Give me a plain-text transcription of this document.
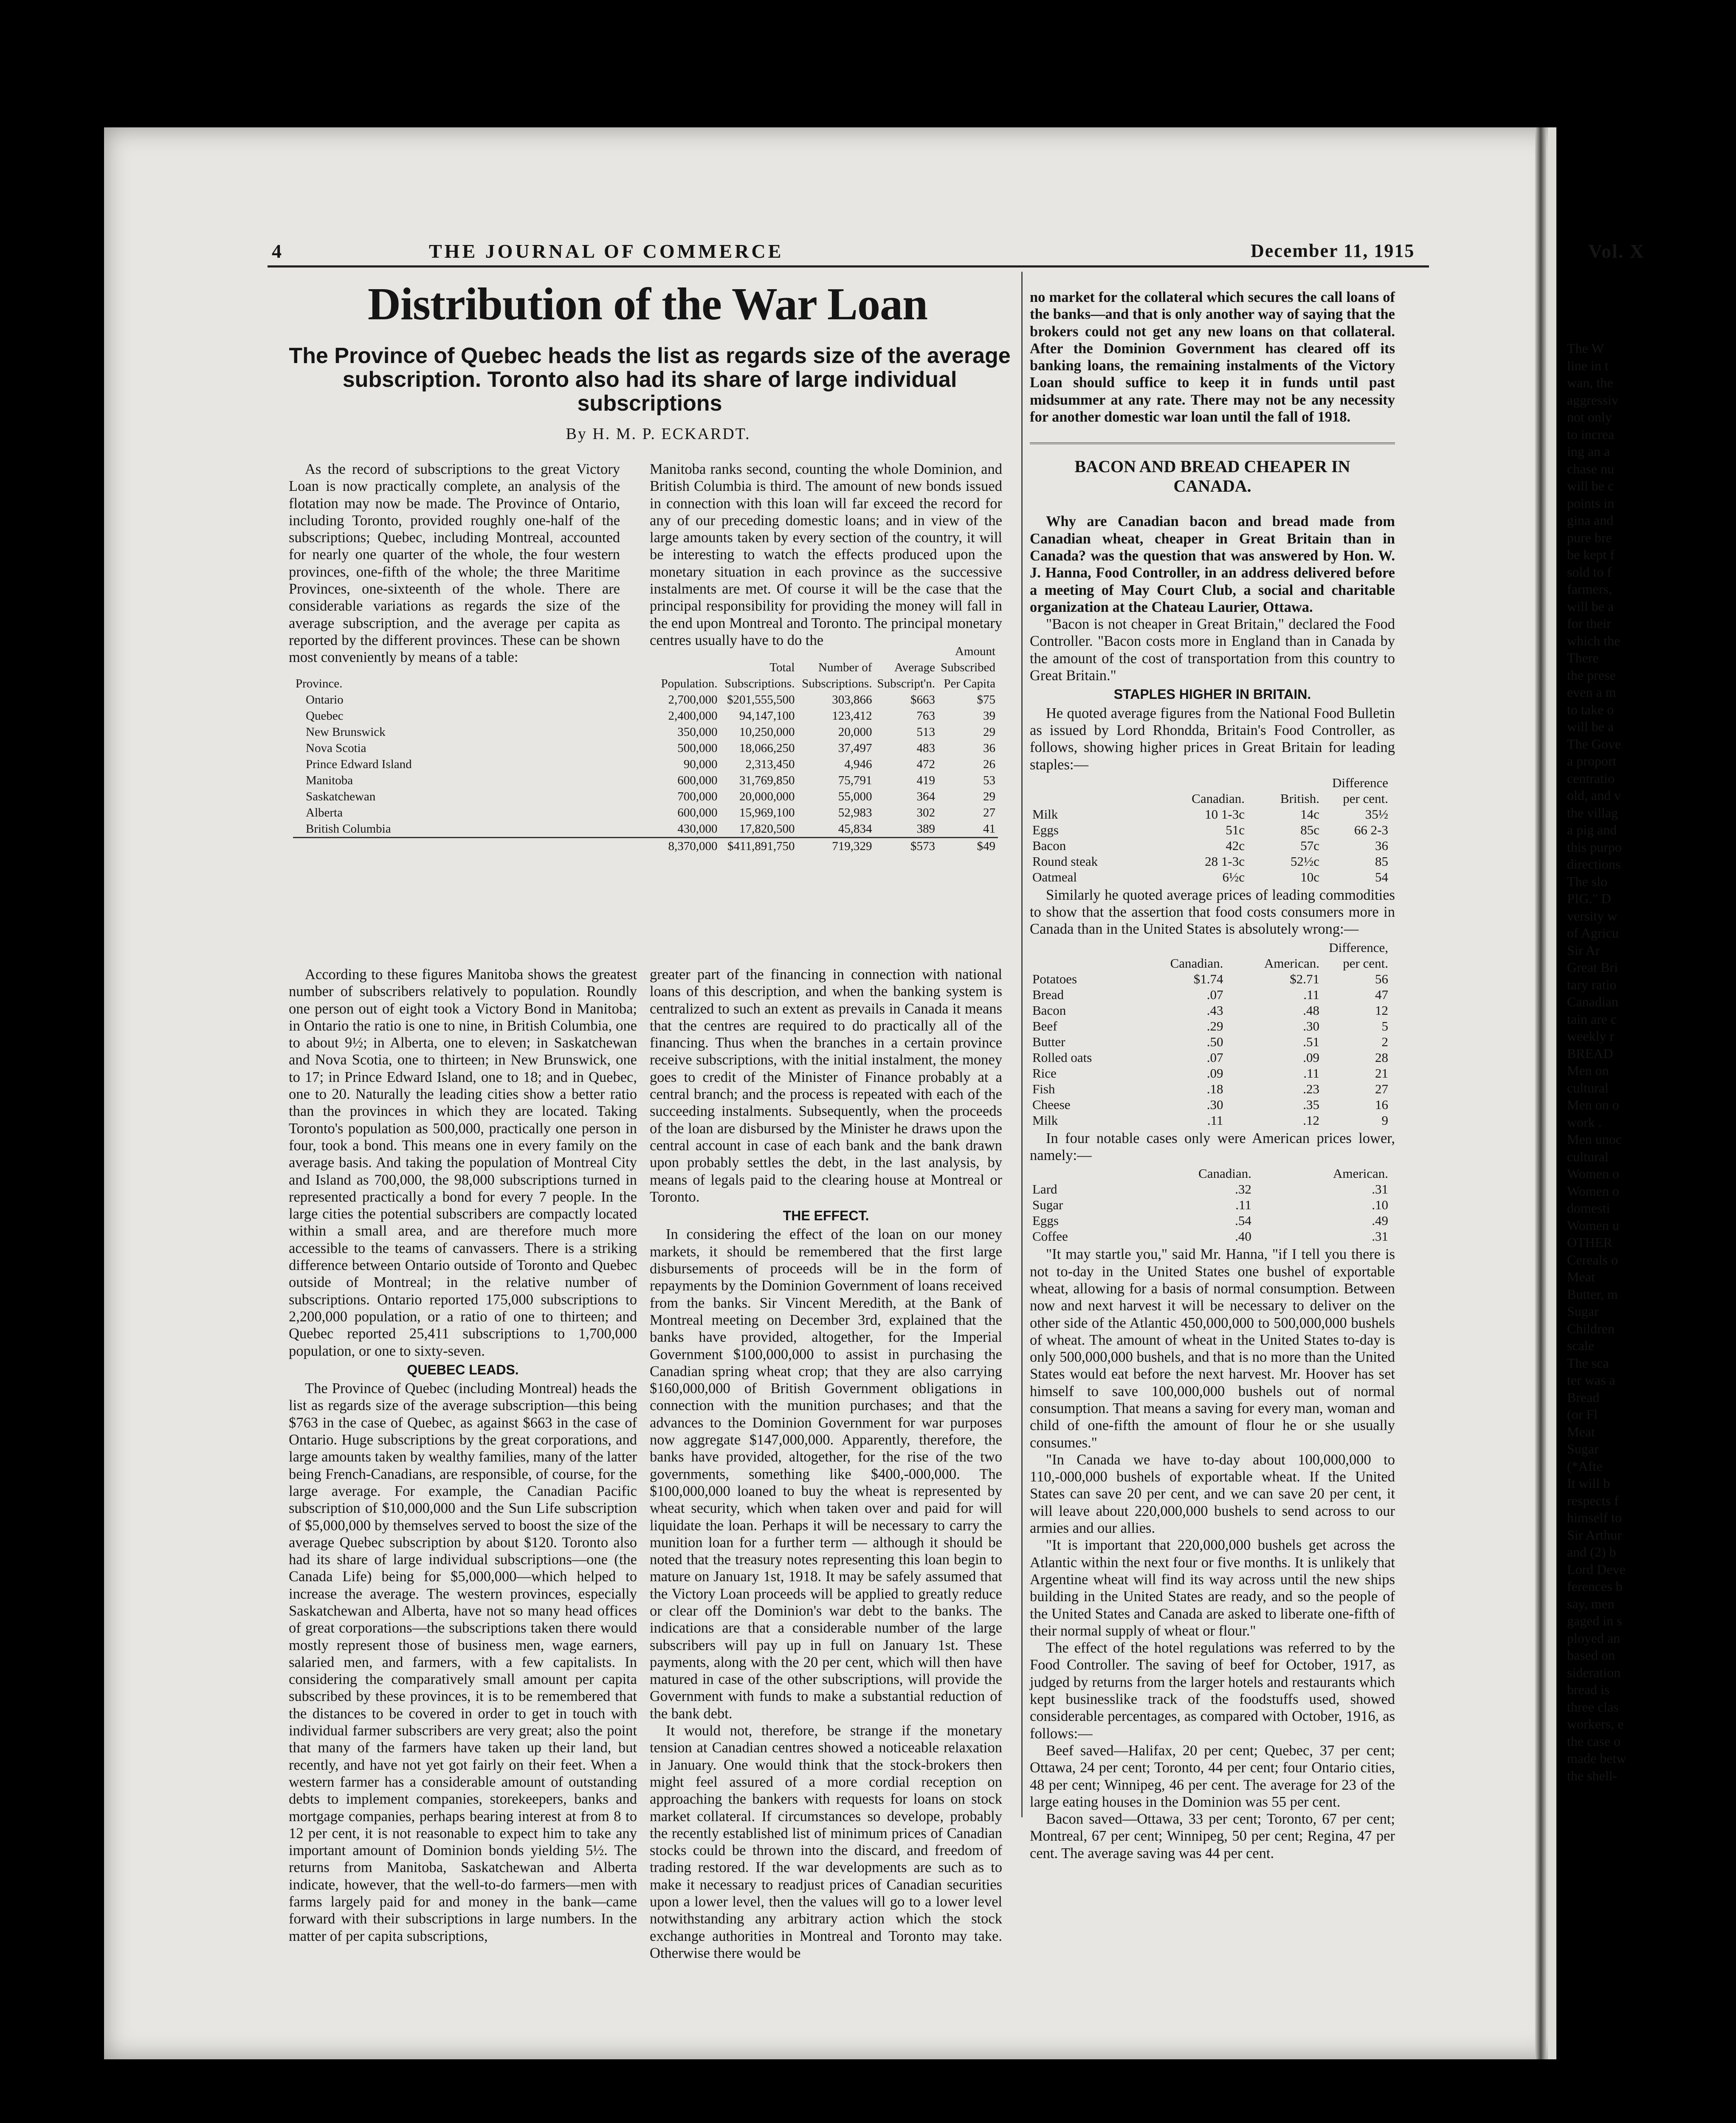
4	THE JOURNAL OF COMMERCE	December 11, 1915	Vol. X
Distribution of the War Loan
The Province of Quebec heads the list as regards size of the average subscription. Toronto also had its share of large individual subscriptions
By H. M. P. ECKARDT.

As the record of subscriptions to the great Victory Loan is now practically complete, an analysis of the flotation may now be made. The Province of Ontario, including Toronto, provided roughly one-half of the subscriptions; Quebec, including Montreal, accounted for nearly one quarter of the whole, the four western provinces, one-fifth of the whole; the three Maritime Provinces, one-sixteenth of the whole. There are considerable variations as regards the size of the average subscription, and the average per capita as reported by the different provinces. These can be shown most conveniently by means of a table:

Manitoba ranks second, counting the whole Dominion, and British Columbia is third. The amount of new bonds issued in connection with this loan will far exceed the record for any of our preceding domestic loans; and in view of the large amounts taken by every section of the country, it will be interesting to watch the effects produced upon the monetary situation in each province as the successive instalments are met. Of course it will be the case that the principal responsibility for providing the money will fall in the end upon Montreal and Toronto. The principal monetary centres usually have to do the

Province.	Population.	Total Subscriptions.	Number of Subscriptions.	Average Subscript'n.	Amount Subscribed Per Capita
Ontario	2,700,000	$201,555,500	303,866	$663	$75
Quebec	2,400,000	94,147,100	123,412	763	39
New Brunswick	350,000	10,250,000	20,000	513	29
Nova Scotia	500,000	18,066,250	37,497	483	36
Prince Edward Island	90,000	2,313,450	4,946	472	26
Manitoba	600,000	31,769,850	75,791	419	53
Saskatchewan	700,000	20,000,000	55,000	364	29
Alberta	600,000	15,969,100	52,983	302	27
British Columbia	430,000	17,820,500	45,834	389	41
	8,370,000	$411,891,750	719,329	$573	$49

According to these figures Manitoba shows the greatest number of subscribers relatively to population. Roundly one person out of eight took a Victory Bond in Manitoba; in Ontario the ratio is one to nine, in British Columbia, one to about 9½; in Alberta, one to eleven; in Saskatchewan and Nova Scotia, one to thirteen; in New Brunswick, one to 17; in Prince Edward Island, one to 18; and in Quebec, one to 20. Naturally the leading cities show a better ratio than the provinces in which they are located. Taking Toronto's population as 500,000, practically one person in four, took a bond. This means one in every family on the average basis. And taking the population of Montreal City and Island as 700,000, the 98,000 subscriptions turned in represented practically a bond for every 7 people. In the large cities the potential subscribers are compactly located within a small area, and are therefore much more accessible to the teams of canvassers. There is a striking difference between Ontario outside of Toronto and Quebec outside of Montreal; in the relative number of subscriptions. Ontario reported 175,000 subscriptions to 2,200,000 population, or a ratio of one to thirteen; and Quebec reported 25,411 subscriptions to 1,700,000 population, or one to sixty-seven.

QUEBEC LEADS.

The Province of Quebec (including Montreal) heads the list as regards size of the average subscription—this being $763 in the case of Quebec, as against $663 in the case of Ontario. Huge subscriptions by the great corporations, and large amounts taken by wealthy families, many of the latter being French-Canadians, are responsible, of course, for the large average. For example, the Canadian Pacific subscription of $10,000,000 and the Sun Life subscription of $5,000,000 by themselves served to boost the size of the average Quebec subscription by about $120. Toronto also had its share of large individual subscriptions—one (the Canada Life) being for $5,000,000—which helped to increase the average. The western provinces, especially Saskatchewan and Alberta, have not so many head offices of great corporations—the subscriptions taken there would mostly represent those of business men, wage earners, salaried men, and farmers, with a few capitalists. In considering the comparatively small amount per capita subscribed by these provinces, it is to be remembered that the distances to be covered in order to get in touch with individual farmer subscribers are very great; also the point that many of the farmers have taken up their land, but recently, and have not yet got fairly on their feet. When a western farmer has a considerable amount of outstanding debts to implement companies, storekeepers, banks and mortgage companies, perhaps bearing interest at from 8 to 12 per cent, it is not reasonable to expect him to take any important amount of Dominion bonds yielding 5½. The returns from Manitoba, Saskatchewan and Alberta indicate, however, that the well-to-do farmers—men with farms largely paid for and money in the bank—came forward with their subscriptions in large numbers. In the matter of per capita subscriptions,

greater part of the financing in connection with national loans of this description, and when the banking system is centralized to such an extent as prevails in Canada it means that the centres are required to do practically all of the financing. Thus when the branches in a certain province receive subscriptions, with the initial instalment, the money goes to credit of the Minister of Finance probably at a central branch; and the process is repeated with each of the succeeding instalments. Subsequently, when the proceeds of the loan are disbursed by the Minister he draws upon the central account in case of each bank and the bank drawn upon probably settles the debt, in the last analysis, by means of legals paid to the clearing house at Montreal or Toronto.

THE EFFECT.

In considering the effect of the loan on our money markets, it should be remembered that the first large disbursements of proceeds will be in the form of repayments by the Dominion Government of loans received from the banks. Sir Vincent Meredith, at the Bank of Montreal meeting on December 3rd, explained that the banks have provided, altogether, for the Imperial Government $100,000,000 to assist in purchasing the Canadian spring wheat crop; that they are also carrying $160,000,000 of British Government obligations in connection with the munition purchases; and that the advances to the Dominion Government for war purposes now aggregate $147,000,000. Apparently, therefore, the banks have provided, altogether, for the rise of the two governments, something like $400,-000,000. The $100,000,000 loaned to buy the wheat is represented by wheat security, which when taken over and paid for will liquidate the loan. Perhaps it will be necessary to carry the munition loan for a further term — although it should be noted that the treasury notes representing this loan begin to mature on January 1st, 1918. It may be safely assumed that the Victory Loan proceeds will be applied to greatly reduce or clear off the Dominion's war debt to the banks. The indications are that a considerable number of the large subscribers will pay up in full on January 1st. These payments, along with the 20 per cent, which will then have matured in case of the other subscriptions, will provide the Government with funds to make a substantial reduction of the bank debt.

It would not, therefore, be strange if the monetary tension at Canadian centres showed a noticeable relaxation in January. One would think that the stock-brokers then might feel assured of a more cordial reception on approaching the bankers with requests for loans on stock market collateral. If circumstances so develope, probably the recently established list of minimum prices of Canadian stocks could be thrown into the discard, and freedom of trading restored. If the war developments are such as to make it necessary to readjust prices of Canadian securities upon a lower level, then the values will go to a lower level notwithstanding any arbitrary action which the stock exchange authorities in Montreal and Toronto may take. Otherwise there would be

no market for the collateral which secures the call loans of the banks—and that is only another way of saying that the brokers could not get any new loans on that collateral. After the Dominion Government has cleared off its banking loans, the remaining instalments of the Victory Loan should suffice to keep it in funds until past midsummer at any rate. There may not be any necessity for another domestic war loan until the fall of 1918.

BACON AND BREAD CHEAPER IN CANADA.

Why are Canadian bacon and bread made from Canadian wheat, cheaper in Great Britain than in Canada? was the question that was answered by Hon. W. J. Hanna, Food Controller, in an address delivered before a meeting of May Court Club, a social and charitable organization at the Chateau Laurier, Ottawa.

"Bacon is not cheaper in Great Britain," declared the Food Controller. "Bacon costs more in England than in Canada by the amount of the cost of transportation from this country to Great Britain."

STAPLES HIGHER IN BRITAIN.

He quoted average figures from the National Food Bulletin as issued by Lord Rhondda, Britain's Food Controller, as follows, showing higher prices in Great Britain for leading staples:—

	Canadian.	British.	Difference per cent.
Milk	10 1-3c	14c	35½
Eggs	51c	85c	66 2-3
Bacon	42c	57c	36
Round steak	28 1-3c	52½c	85
Oatmeal	6½c	10c	54

Similarly he quoted average prices of leading commodities to show that the assertion that food costs consumers more in Canada than in the United States is absolutely wrong:—

	Canadian.	American.	Difference, per cent.
Potatoes	$1.74	$2.71	56
Bread	.07	.11	47
Bacon	.43	.48	12
Beef	.29	.30	5
Butter	.50	.51	2
Rolled oats	.07	.09	28
Rice	.09	.11	21
Fish	.18	.23	27
Cheese	.30	.35	16
Milk	.11	.12	9

In four notable cases only were American prices lower, namely:—

	Canadian.	American.
Lard	.32	.31
Sugar	.11	.10
Eggs	.54	.49
Coffee	.40	.31

"It may startle you," said Mr. Hanna, "if I tell you there is not to-day in the United States one bushel of exportable wheat, allowing for a basis of normal consumption. Between now and next harvest it will be necessary to deliver on the other side of the Atlantic 450,000,000 to 500,000,000 bushels of wheat. The amount of wheat in the United States to-day is only 500,000,000 bushels, and that is no more than the United States would eat before the next harvest. Mr. Hoover has set himself to save 100,000,000 bushels out of normal consumption. That means a saving for every man, woman and child of one-fifth the amount of flour he or she usually consumes."

"In Canada we have to-day about 100,000,000 to 110,-000,000 bushels of exportable wheat. If the United States can save 20 per cent, and we can save 20 per cent, it will leave about 220,000,000 bushels to send across to our armies and our allies.

"It is important that 220,000,000 bushels get across the Atlantic within the next four or five months. It is unlikely that Argentine wheat will find its way across until the new ships building in the United States are ready, and so the people of the United States and Canada are asked to liberate one-fifth of their normal supply of wheat or flour."

The effect of the hotel regulations was referred to by the Food Controller. The saving of beef for October, 1917, as judged by returns from the larger hotels and restaurants which kept businesslike track of the foodstuffs used, showed considerable percentages, as compared with October, 1916, as follows:—

Beef saved—Halifax, 20 per cent; Quebec, 37 per cent; Ottawa, 24 per cent; Toronto, 44 per cent; four Ontario cities, 48 per cent; Winnipeg, 46 per cent. The average for 23 of the large eating houses in the Dominion was 55 per cent.

Bacon saved—Ottawa, 33 per cent; Toronto, 67 per cent; Montreal, 67 per cent; Winnipeg, 50 per cent; Regina, 47 per cent. The average saving was 44 per cent.

The W
line in t
wan, the
aggressiv
not only
to increa
ing an a
chase nu
will be c
points in
gina and
pure bre
be kept f
sold to f
farmers,
will be a
for their
which the
There
the prese
even a m
to take o
will be a
The Gove
a proport
centratio
old, and v
the villag
a pig and
this purpo
directions
The slo
PIG." D
versity w
of Agricu
Sir Ar
Great Bri
tary ratio
Canadian
tain are c
weekly r
BREAD
Men on
cultural
Men on o
work .
Men unoc
cultural
Women o
Women o
domesti
Women u
OTHER
Cereals o
Meat
Butter, m
Sugar
Children
scale
The sca
ter was a
Bread
(or Fl
Meat
Sugar
(*Afte
It will b
respects f
himself to
Sir Arthur
and (2) b
Lord Deve
ferences b
say, men
gaged in s
ployed an
based on
sideration
bread is
three clas
workers, e
the case o
made betw
the shell-
